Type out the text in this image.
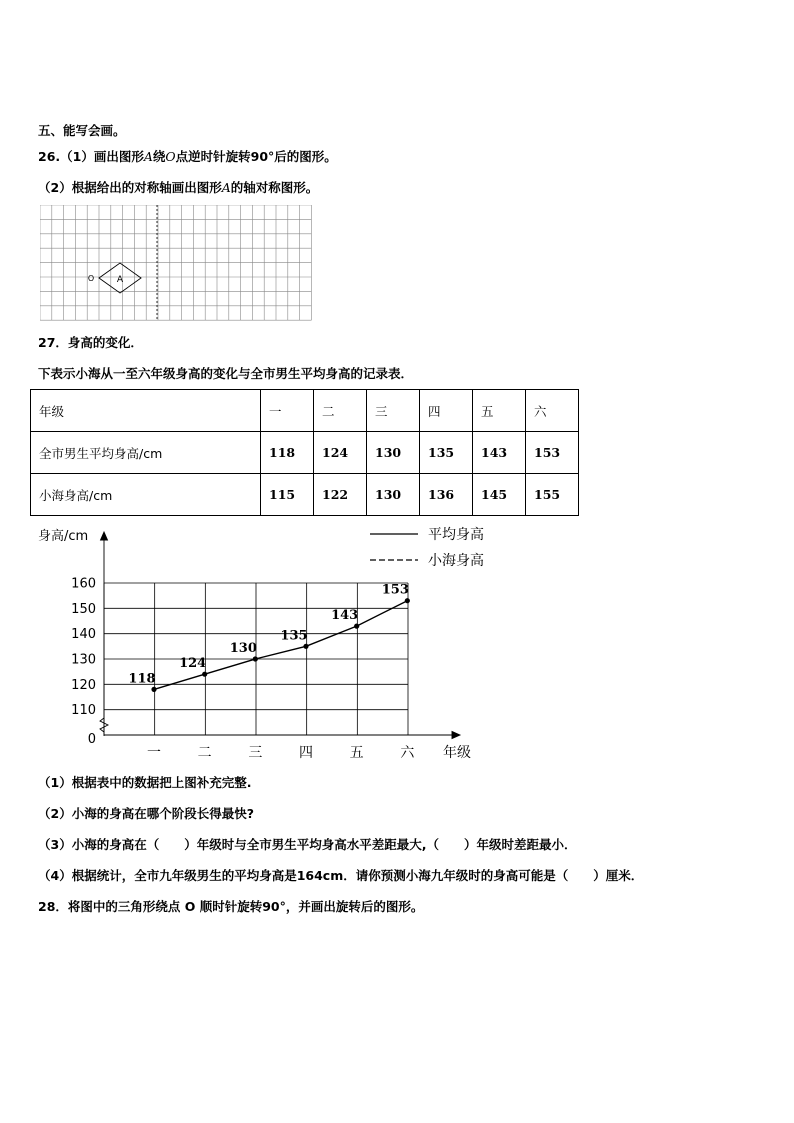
五、能写会画。
26.（1）画出图形A绕O点逆时针旋转90°后的图形。
（2）根据给出的对称轴画出图形A的轴对称图形。
A
O
27．身高的变化．
下表示小海从一至六年级身高的变化与全市男生平均身高的记录表．
年级	一	二	三	四	五	六
全市男生平均身高/cm	118	124	130	135	143	153
小海身高/cm	115	122	130	136	145	155
160
150
140
130
120
110
0
一	二	三	四	五	六
118
124
130
135
143
153
平均身高
小海身高
身高/cm
年级
（1）根据表中的数据把上图补充完整.
（2）小海的身高在哪个阶段长得最快?
（3）小海的身高在（　　）年级时与全市男生平均身高水平差距最大,（　　）年级时差距最小．
（4）根据统计，全市九年级男生的平均身高是164cm．请你预测小海九年级时的身高可能是（　　）厘米．
28．将图中的三角形绕点 O 顺时针旋转90°，并画出旋转后的图形。
